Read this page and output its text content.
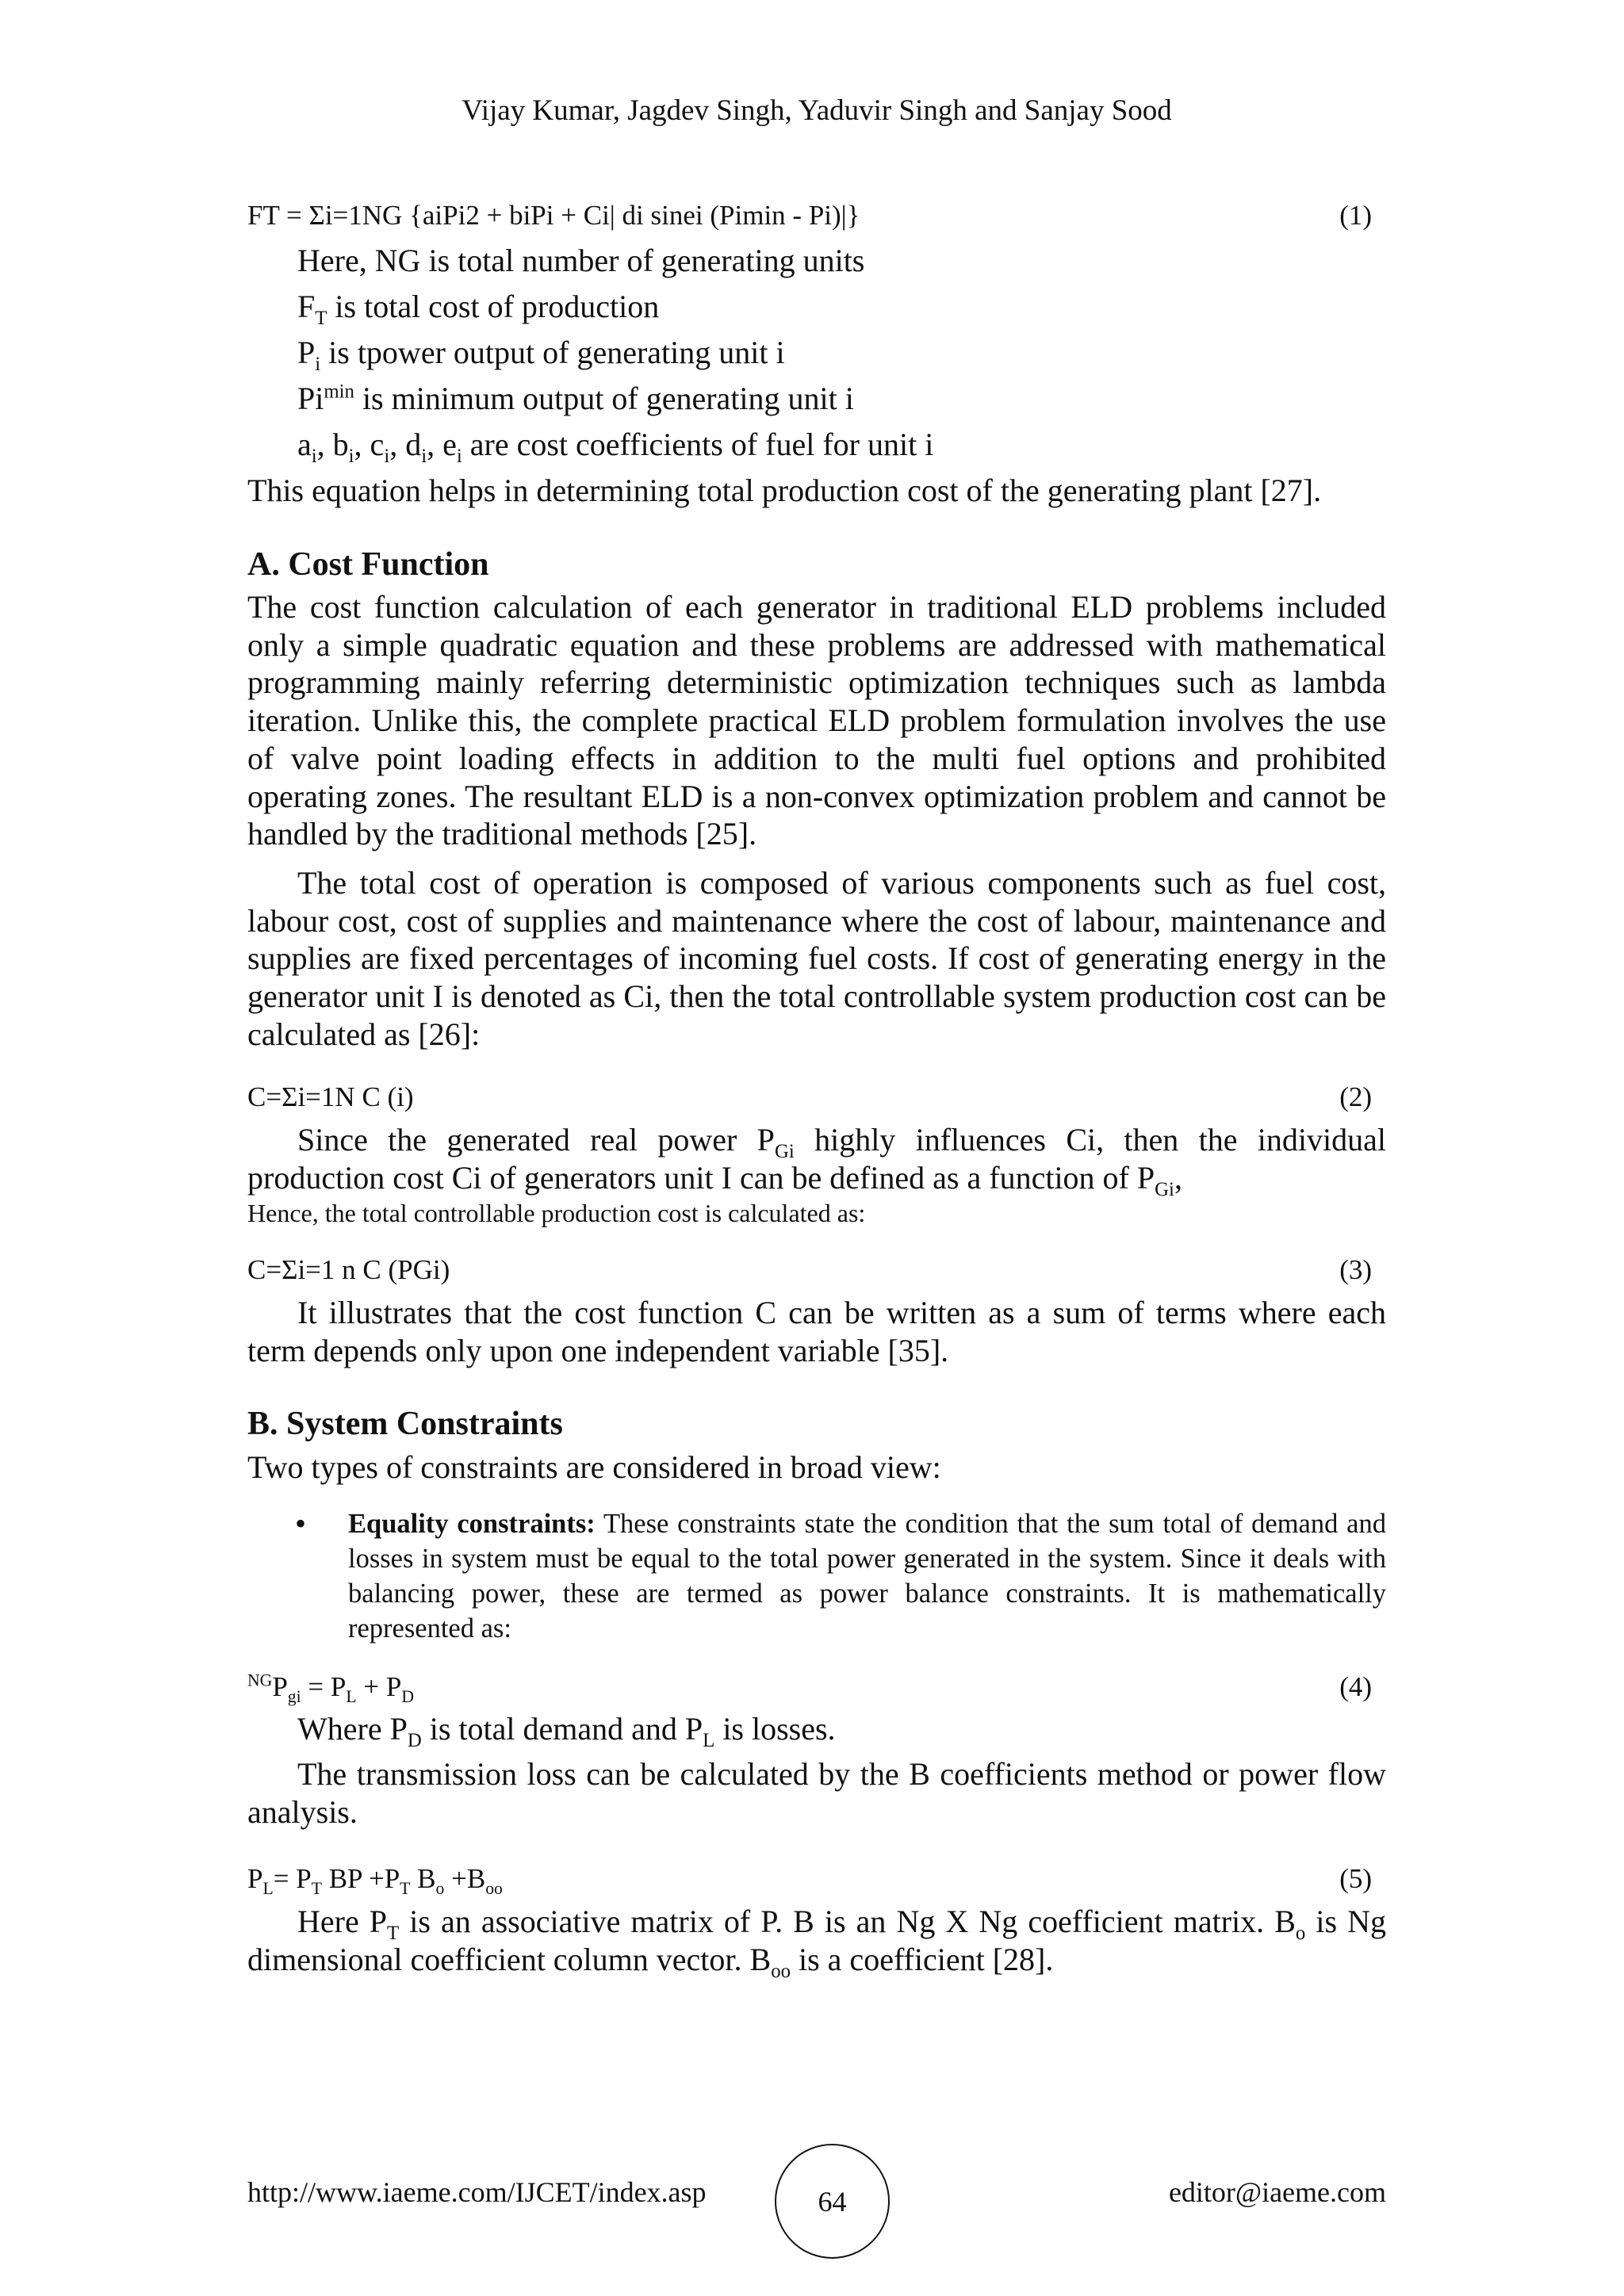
Vijay Kumar, Jagdev Singh, Yaduvir Singh and Sanjay Sood
FT = Σi=1NG {aiPi2 + biPi + Ci| di sinei (Pimin - Pi)|}	(1)
Here, NG is total number of generating units
$F_T$ is total cost of production
$P_i$ is tpower output of generating unit i
$Pi^{min}$ is minimum output of generating unit i
$a_i$, $b_i$, $c_i$, $d_i$, $e_i$ are cost coefficients of fuel for unit i
This equation helps in determining total production cost of the generating plant [27].
A. Cost Function

The cost function calculation of each generator in traditional ELD problems included only a simple quadratic equation and these problems are addressed with mathematical programming mainly referring deterministic optimization techniques such as lambda iteration. Unlike this, the complete practical ELD problem formulation involves the use of valve point loading effects in addition to the multi fuel options and prohibited operating zones. The resultant ELD is a non-convex optimization problem and cannot be handled by the traditional methods [25].

The total cost of operation is composed of various components such as fuel cost, labour cost, cost of supplies and maintenance where the cost of labour, maintenance and supplies are fixed percentages of incoming fuel costs. If cost of generating energy in the generator unit I is denoted as Ci, then the total controllable system production cost can be calculated as [26]:

C=Σi=1N C (i)	(2)

Since the generated real power $P_{Gi}$ highly influences Ci, then the individual production cost Ci of generators unit I can be defined as a function of $P_{Gi}$,

Hence, the total controllable production cost is calculated as:
C=Σi=1 n C (PGi)	(3)

It illustrates that the cost function C can be written as a sum of terms where each term depends only upon one independent variable [35].

B. System Constraints
Two types of constraints are considered in broad view:
• Equality constraints: These constraints state the condition that the sum total of demand and losses in system must be equal to the total power generated in the system. Since it deals with balancing power, these are termed as power balance constraints. It is mathematically represented as:

$^{NG}P_{gi} = P_L + P_D$	(4)
Where $P_D$ is total demand and $P_L$ is losses.

The transmission loss can be calculated by the B coefficients method or power flow analysis.

$P_L= P_T$ BP $+P_T$ $B_o +B_{oo}$	(5)

Here $P_T$ is an associative matrix of P. B is an Ng X Ng coefficient matrix. $B_o$ is Ng dimensional coefficient column vector. $B_{oo}$ is a coefficient [28].

http://www.iaeme.com/IJCET/index.asp	64	editor@iaeme.com
